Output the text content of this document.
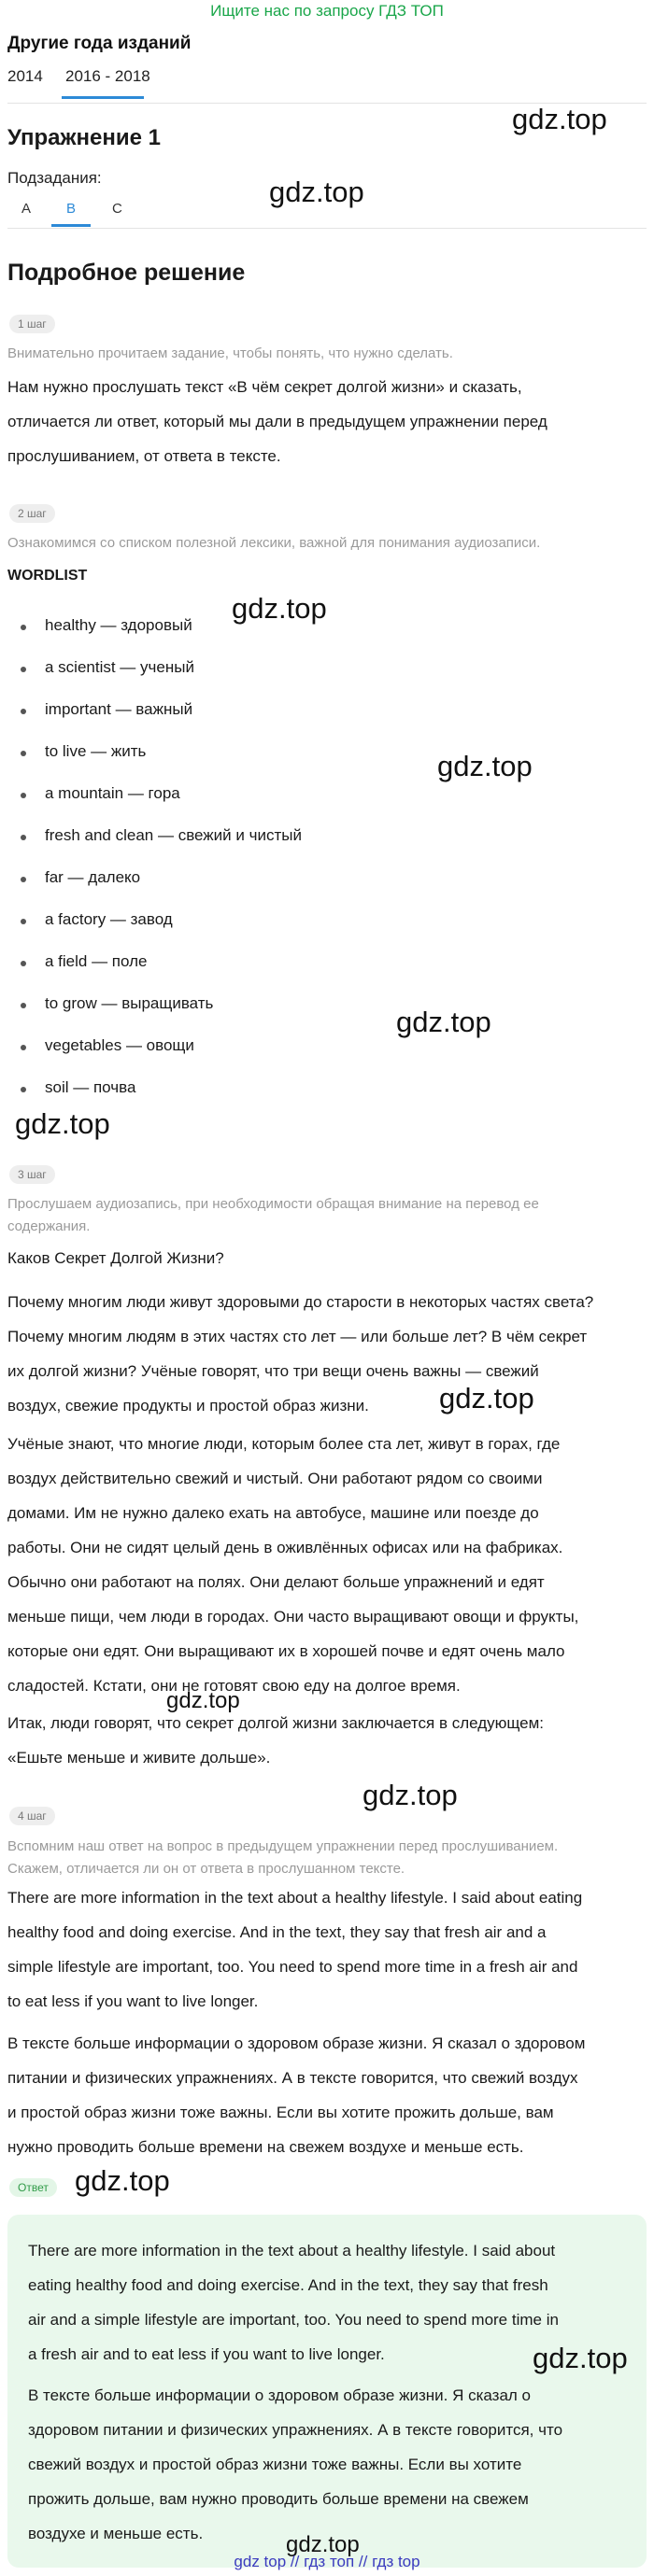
Ищите нас по запросу ГДЗ ТОП
Другие года изданий
2014 2016 - 2018
Упражнение 1
Подзадания:
A	B	C
Подробное решение
1 шаг
Внимательно прочитаем задание, чтобы понять, что нужно сделать.
Нам нужно прослушать текст «В чём секрет долгой жизни» и сказать,
отличается ли ответ, который мы дали в предыдущем упражнении перед
прослушиванием, от ответа в тексте.
2 шаг
Ознакомимся со списком полезной лексики, важной для понимания аудиозаписи.
WORDLIST
healthy — здоровый
a scientist — ученый
important — важный
to live — жить
a mountain — гора
fresh and clean — свежий и чистый
far — далеко
a factory — завод
a field — поле
to grow — выращивать
vegetables — овощи
soil — почва
3 шаг
Прослушаем аудиозапись, при необходимости обращая внимание на перевод ее
содержания.
Каков Секрет Долгой Жизни?
Почему многим люди живут здоровыми до старости в некоторых частях света?
Почему многим людям в этих частях сто лет — или больше лет? В чём секрет
их долгой жизни? Учёные говорят, что три вещи очень важны — свежий
воздух, свежие продукты и простой образ жизни.
Учёные знают, что многие люди, которым более ста лет, живут в горах, где
воздух действительно свежий и чистый. Они работают рядом со своими
домами. Им не нужно далеко ехать на автобусе, машине или поезде до
работы. Они не сидят целый день в оживлённых офисах или на фабриках.
Обычно они работают на полях. Они делают больше упражнений и едят
меньше пищи, чем люди в городах. Они часто выращивают овощи и фрукты,
которые они едят. Они выращивают их в хорошей почве и едят очень мало
сладостей. Кстати, они не готовят свою еду на долгое время.
Итак, люди говорят, что секрет долгой жизни заключается в следующем:
«Ешьте меньше и живите дольше».
4 шаг
Вспомним наш ответ на вопрос в предыдущем упражнении перед прослушиванием.
Скажем, отличается ли он от ответа в прослушанном тексте.
There are more information in the text about a healthy lifestyle. I said about eating
healthy food and doing exercise. And in the text, they say that fresh air and a
simple lifestyle are important, too. You need to spend more time in a fresh air and
to eat less if you want to live longer.
В тексте больше информации о здоровом образе жизни. Я сказал о здоровом
питании и физических упражнениях. А в тексте говорится, что свежий воздух
и простой образ жизни тоже важны. Если вы хотите прожить дольше, вам
нужно проводить больше времени на свежем воздухе и меньше есть.
Ответ
There are more information in the text about a healthy lifestyle. I said about
eating healthy food and doing exercise. And in the text, they say that fresh
air and a simple lifestyle are important, too. You need to spend more time in
a fresh air and to eat less if you want to live longer.
В тексте больше информации о здоровом образе жизни. Я сказал о
здоровом питании и физических упражнениях. А в тексте говорится, что
свежий воздух и простой образ жизни тоже важны. Если вы хотите
прожить дольше, вам нужно проводить больше времени на свежем
воздухе и меньше есть.
gdz.top
gdz.top
gdz.top
gdz.top
gdz.top
gdz.top
gdz.top
gdz.top
gdz.top
gdz.top
gdz.top
gdz.top
gdz top // гдз топ // гдз top
